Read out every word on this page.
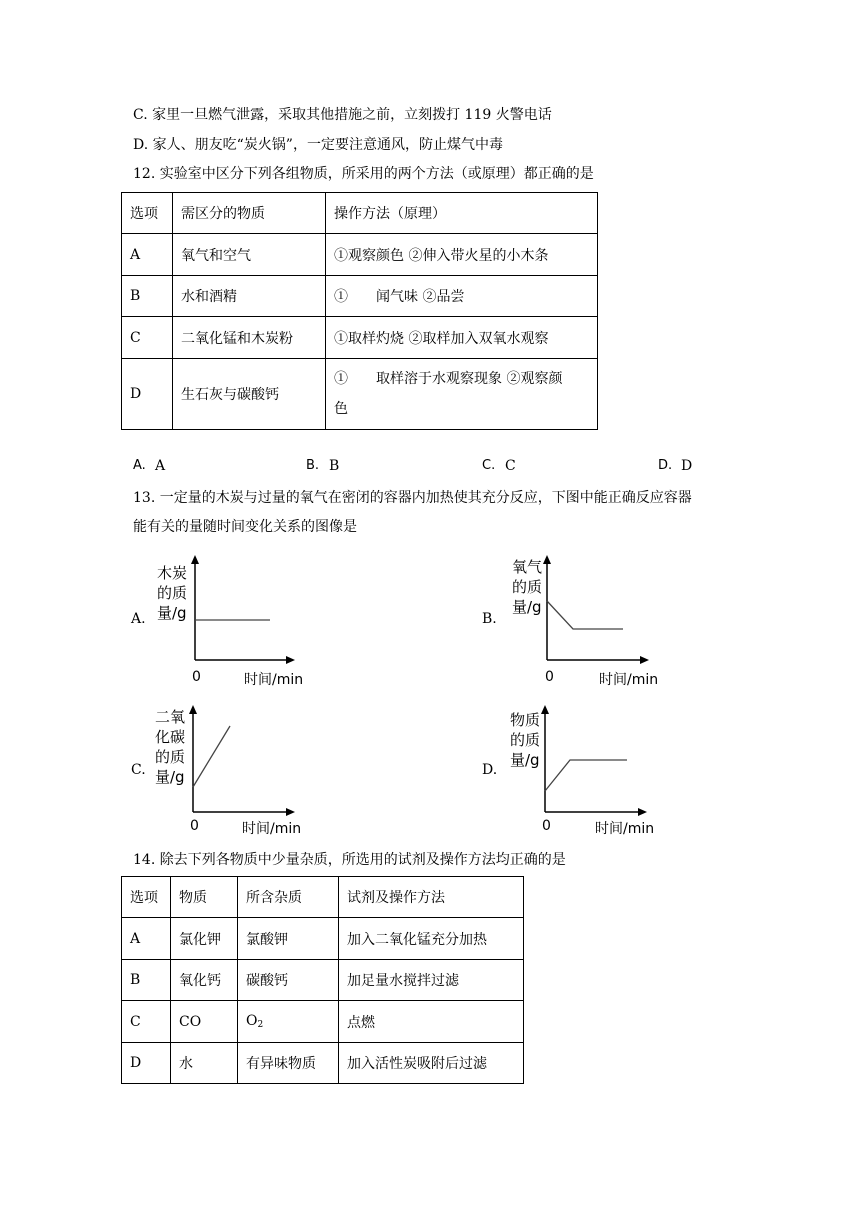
C. 家里一旦燃气泄露，采取其他措施之前，立刻拨打 119 火警电话
D. 家人、朋友吃“炭火锅”，一定要注意通风，防止煤气中毒
12. 实验室中区分下列各组物质，所采用的两个方法（或原理）都正确的是
选项	需区分的物质	操作方法（原理）
A	氧气和空气	①观察颜色 ②伸入带火星的小木条
B	水和酒精	①　　闻气味 ②品尝
C	二氧化锰和木炭粉	①取样灼烧 ②取样加入双氧水观察
D	生石灰与碳酸钙	①　　取样溶于水观察现象 ②观察颜
色
A. A	B. B	C. C	D. D
13. 一定量的木炭与过量的氧气在密闭的容器内加热使其充分反应，下图中能正确反应容器
能有关的量随时间变化关系的图像是
A.
木炭
的质
量/g
0	时间/min
B.
氧气
的质
量/g
0	时间/min
C.
二氧
化碳
的质
量/g
0	时间/min
D.
物质
的质
量/g
0	时间/min
14. 除去下列各物质中少量杂质，所选用的试剂及操作方法均正确的是
选项	物质	所含杂质	试剂及操作方法
A	氯化钾	氯酸钾	加入二氧化锰充分加热
B	氧化钙	碳酸钙	加足量水搅拌过滤
C	CO	$O_2$	点燃
D	水	有异味物质	加入活性炭吸附后过滤
